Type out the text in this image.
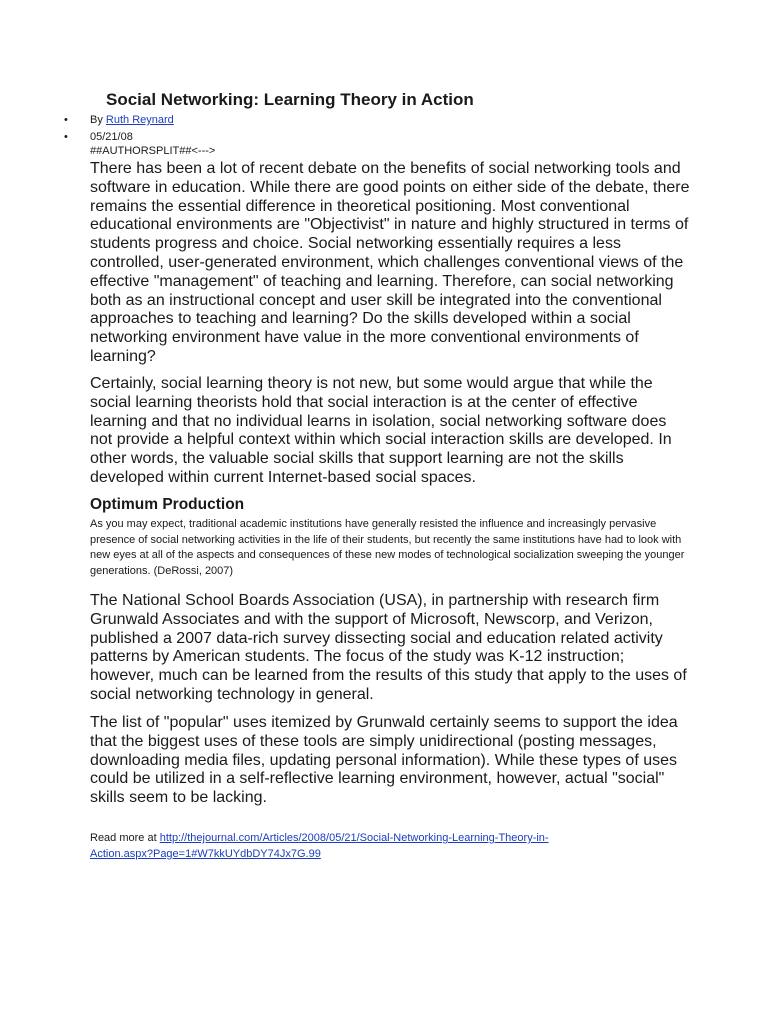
Social Networking: Learning Theory in Action
• By Ruth Reynard
• 05/21/08
##AUTHORSPLIT##<--->

There has been a lot of recent debate on the benefits of social networking tools and software in education. While there are good points on either side of the debate, there remains the essential difference in theoretical positioning. Most conventional educational environments are "Objectivist" in nature and highly structured in terms of students progress and choice. Social networking essentially requires a less controlled, user-generated environment, which challenges conventional views of the effective "management" of teaching and learning. Therefore, can social networking both as an instructional concept and user skill be integrated into the conventional approaches to teaching and learning? Do the skills developed within a social networking environment have value in the more conventional environments of learning?

Certainly, social learning theory is not new, but some would argue that while the social learning theorists hold that social interaction is at the center of effective learning and that no individual learns in isolation, social networking software does not provide a helpful context within which social interaction skills are developed. In other words, the valuable social skills that support learning are not the skills developed within current Internet-based social spaces.

Optimum Production

As you may expect, traditional academic institutions have generally resisted the influence and increasingly pervasive presence of social networking activities in the life of their students, but recently the same institutions have had to look with new eyes at all of the aspects and consequences of these new modes of technological socialization sweeping the younger generations. (DeRossi, 2007)

The National School Boards Association (USA), in partnership with research firm Grunwald Associates and with the support of Microsoft, Newscorp, and Verizon, published a 2007 data-rich survey dissecting social and education related activity patterns by American students. The focus of the study was K-12 instruction; however, much can be learned from the results of this study that apply to the uses of social networking technology in general.

The list of "popular" uses itemized by Grunwald certainly seems to support the idea that the biggest uses of these tools are simply unidirectional (posting messages, downloading media files, updating personal information). While these types of uses could be utilized in a self-reflective learning environment, however, actual "social" skills seem to be lacking.

Read more at http://thejournal.com/Articles/2008/05/21/Social-Networking-Learning-Theory-in-Action.aspx?Page=1#W7kkUYdbDY74Jx7G.99
